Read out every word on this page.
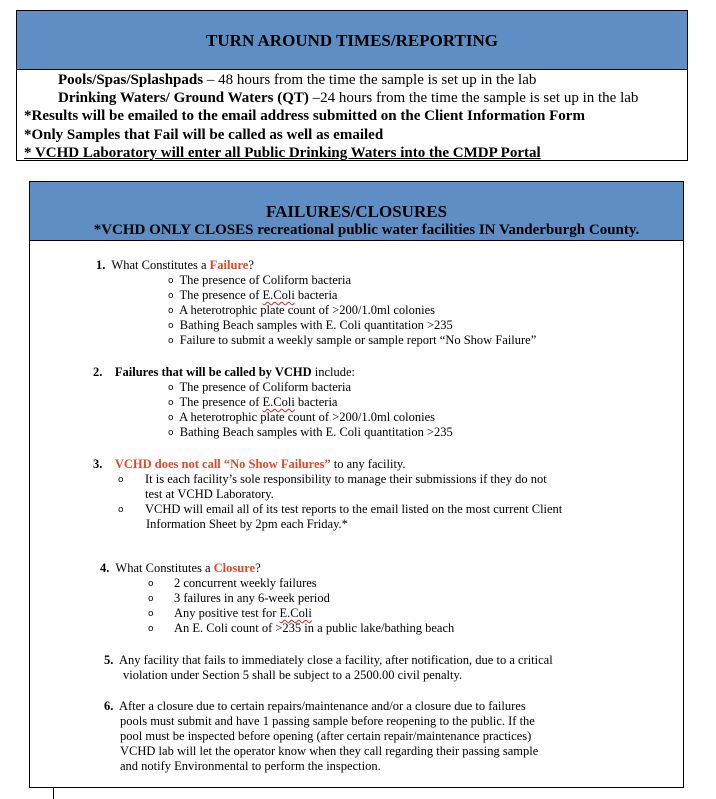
TURN AROUND TIMES/REPORTING
Pools/Spas/Splashpads – 48 hours from the time the sample is set up in the lab
Drinking Waters/ Ground Waters (QT) –24 hours from the time the sample is set up in the lab
*Results will be emailed to the email address submitted on the Client Information Form
*Only Samples that Fail will be called as well as emailed
* VCHD Laboratory will enter all Public Drinking Waters into the CMDP Portal
FAILURES/CLOSURES
*VCHD ONLY CLOSES recreational public water facilities IN Vanderburgh County.
1. What Constitutes a Failure?
o The presence of Coliform bacteria
o The presence of E.Coli bacteria
o A heterotrophic plate count of >200/1.0ml colonies
o Bathing Beach samples with E. Coli quantitation >235
o Failure to submit a weekly sample or sample report “No Show Failure”
2. Failures that will be called by VCHD include:
o The presence of Coliform bacteria
o The presence of E.Coli bacteria
o A heterotrophic plate count of >200/1.0ml colonies
o Bathing Beach samples with E. Coli quantitation >235
3. VCHD does not call “No Show Failures” to any facility.
o It is each facility’s sole responsibility to manage their submissions if they do not
test at VCHD Laboratory.
o VCHD will email all of its test reports to the email listed on the most current Client
Information Sheet by 2pm each Friday.*
4. What Constitutes a Closure?
o 2 concurrent weekly failures
o 3 failures in any 6-week period
o Any positive test for E.Coli
o An E. Coli count of >235 in a public lake/bathing beach
5. Any facility that fails to immediately close a facility, after notification, due to a critical
violation under Section 5 shall be subject to a 2500.00 civil penalty.
6. After a closure due to certain repairs/maintenance and/or a closure due to failures
pools must submit and have 1 passing sample before reopening to the public. If the
pool must be inspected before opening (after certain repair/maintenance practices)
VCHD lab will let the operator know when they call regarding their passing sample
and notify Environmental to perform the inspection.
